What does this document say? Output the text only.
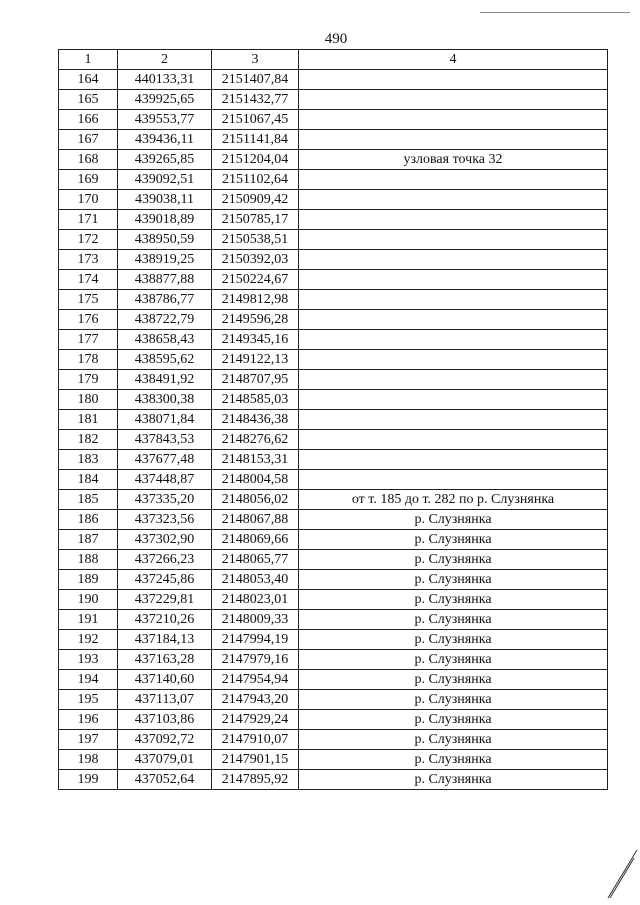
490
1	2	3	4
164	440133,31	2151407,84	
165	439925,65	2151432,77	
166	439553,77	2151067,45	
167	439436,11	2151141,84	
168	439265,85	2151204,04	узловая точка 32
169	439092,51	2151102,64	
170	439038,11	2150909,42	
171	439018,89	2150785,17	
172	438950,59	2150538,51	
173	438919,25	2150392,03	
174	438877,88	2150224,67	
175	438786,77	2149812,98	
176	438722,79	2149596,28	
177	438658,43	2149345,16	
178	438595,62	2149122,13	
179	438491,92	2148707,95	
180	438300,38	2148585,03	
181	438071,84	2148436,38	
182	437843,53	2148276,62	
183	437677,48	2148153,31	
184	437448,87	2148004,58	
185	437335,20	2148056,02	от т. 185 до т. 282 по р. Слузнянка
186	437323,56	2148067,88	р. Слузнянка
187	437302,90	2148069,66	р. Слузнянка
188	437266,23	2148065,77	р. Слузнянка
189	437245,86	2148053,40	р. Слузнянка
190	437229,81	2148023,01	р. Слузнянка
191	437210,26	2148009,33	р. Слузнянка
192	437184,13	2147994,19	р. Слузнянка
193	437163,28	2147979,16	р. Слузнянка
194	437140,60	2147954,94	р. Слузнянка
195	437113,07	2147943,20	р. Слузнянка
196	437103,86	2147929,24	р. Слузнянка
197	437092,72	2147910,07	р. Слузнянка
198	437079,01	2147901,15	р. Слузнянка
199	437052,64	2147895,92	р. Слузнянка
